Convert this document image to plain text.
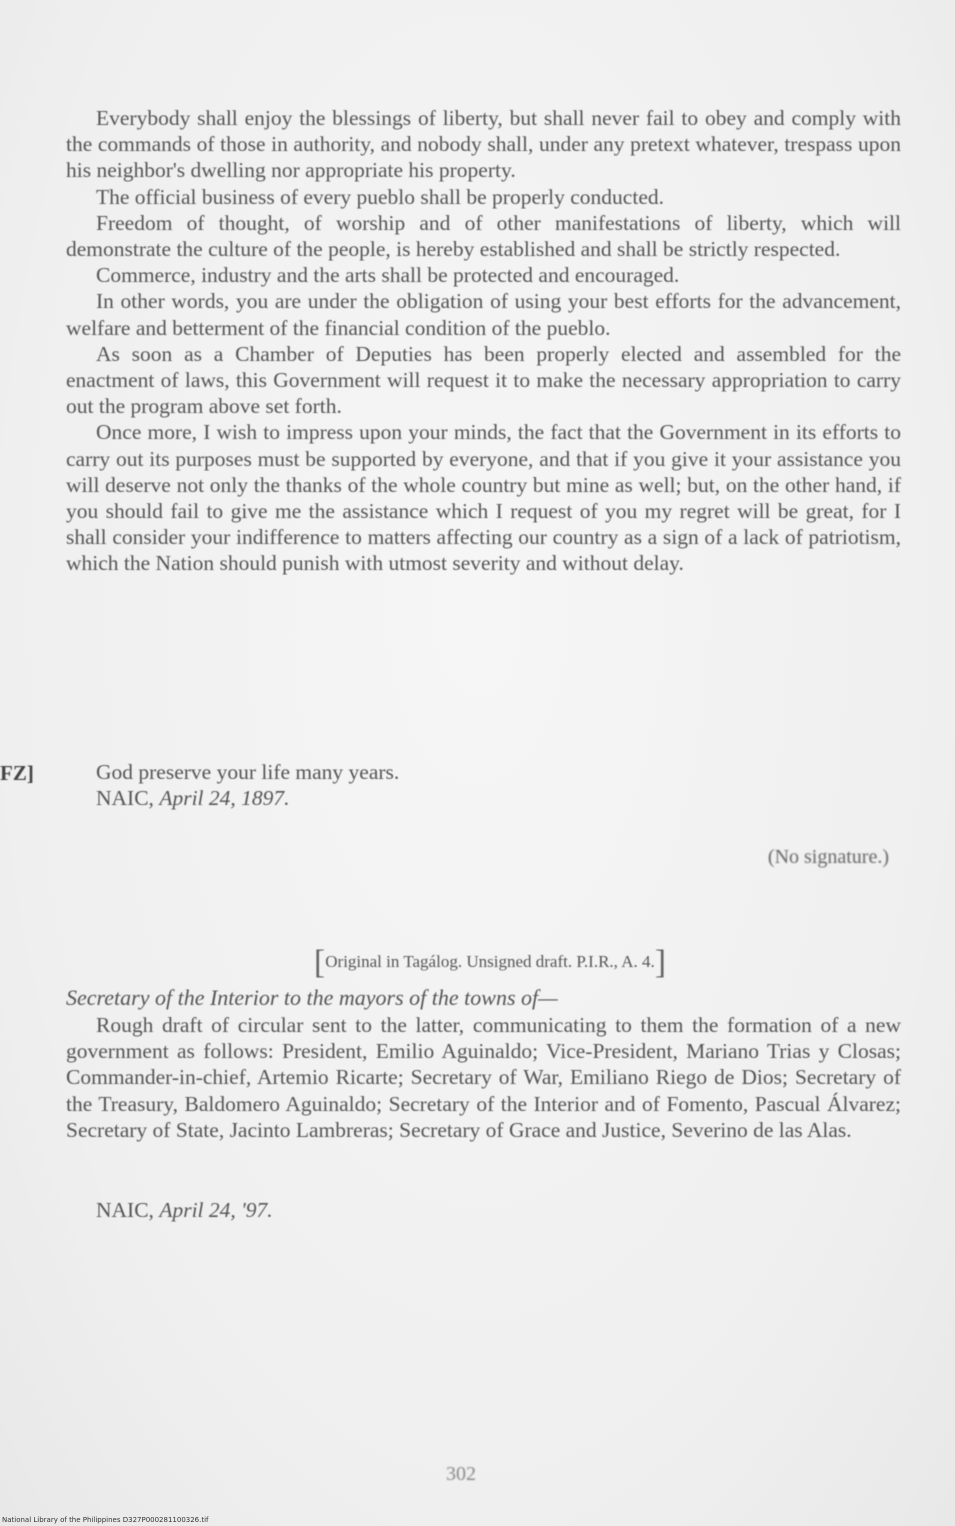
Everybody shall enjoy the blessings of liberty, but shall never fail to obey and comply with the commands of those in authority, and nobody shall, under any pretext whatever, trespass upon his neighbor's dwelling nor appropriate his property.

The official business of every pueblo shall be properly conducted.

Freedom of thought, of worship and of other manifestations of liberty, which will demonstrate the culture of the people, is hereby established and shall be strictly respected.

Commerce, industry and the arts shall be protected and encouraged.

In other words, you are under the obligation of using your best efforts for the advancement, welfare and betterment of the financial condition of the pueblo.

As soon as a Chamber of Deputies has been properly elected and assembled for the enactment of laws, this Government will request it to make the necessary appropriation to carry out the program above set forth.

Once more, I wish to impress upon your minds, the fact that the Government in its efforts to carry out its purposes must be supported by everyone, and that if you give it your assistance you will deserve not only the thanks of the whole country but mine as well; but, on the other hand, if you should fail to give me the assistance which I request of you my regret will be great, for I shall consider your indifference to matters affecting our country as a sign of a lack of patriotism, which the Nation should punish with utmost severity and without delay.

FZ]	God preserve your life many years.
NAIC, April 24, 1897.
(No signature.)
[Original in Tagálog. Unsigned draft. P.I.R., A. 4.]
Secretary of the Interior to the mayors of the towns of—

Rough draft of circular sent to the latter, communicating to them the formation of a new government as follows: President, Emilio Aguinaldo; Vice-President, Mariano Trias y Closas; Commander-in-chief, Artemio Ricarte; Secretary of War, Emiliano Riego de Dios; Secretary of the Treasury, Baldomero Aguinaldo; Secretary of the Interior and of Fomento, Pascual Álvarez; Secretary of State, Jacinto Lambreras; Secretary of Grace and Justice, Severino de las Alas.

NAIC, April 24, '97.
302
National Library of the Philippines D327P000281100326.tif
